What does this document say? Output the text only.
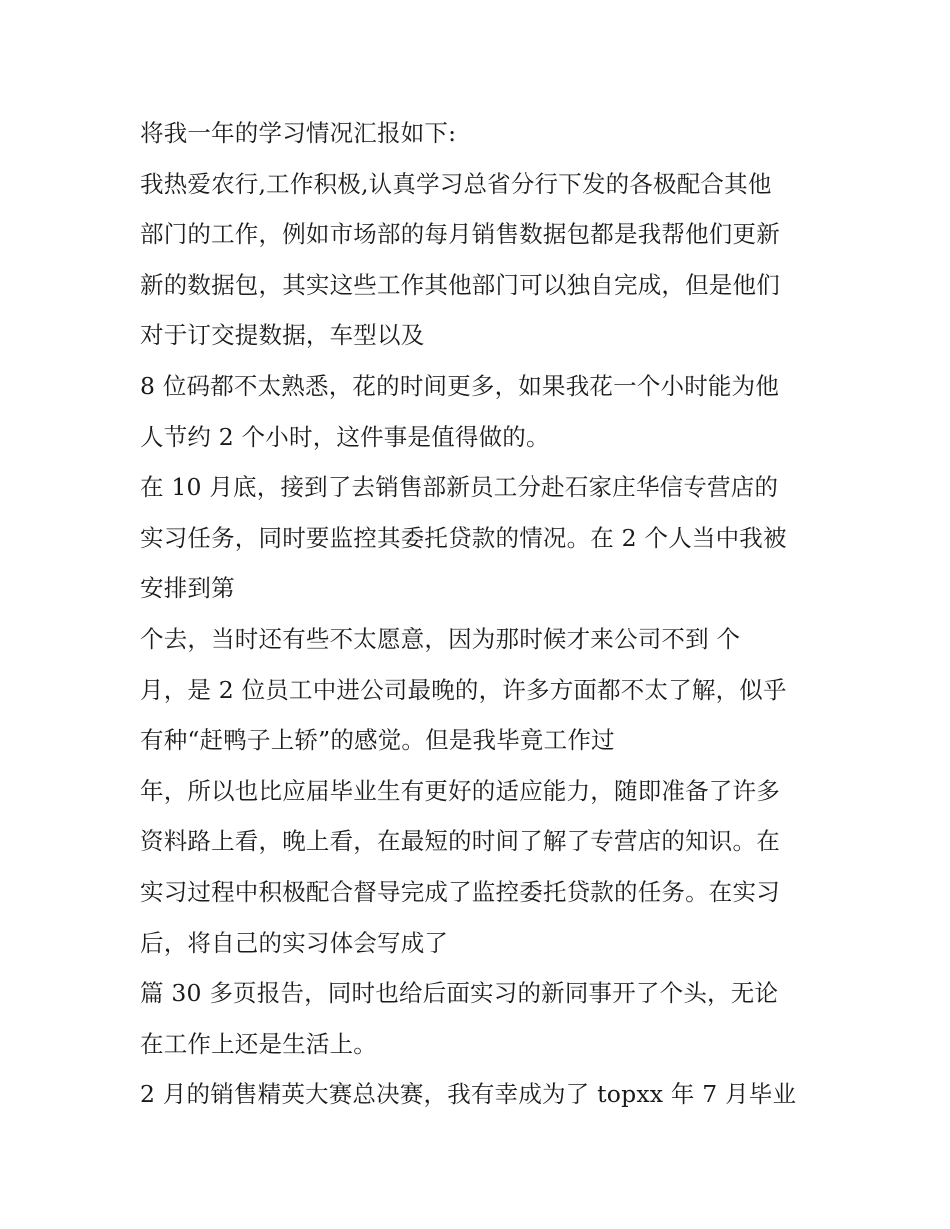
将我一年的学习情况汇报如下:
我热爱农行,工作积极,认真学习总省分行下发的各极配合其他
部门的工作，例如市场部的每月销售数据包都是我帮他们更新
新的数据包，其实这些工作其他部门可以独自完成，但是他们
对于订交提数据，车型以及
8 位码都不太熟悉，花的时间更多，如果我花一个小时能为他
人节约 2 个小时，这件事是值得做的。
在 10 月底，接到了去销售部新员工分赴石家庄华信专营店的
实习任务，同时要监控其委托贷款的情况。在 2 个人当中我被
安排到第
个去，当时还有些不太愿意，因为那时候才来公司不到 个
月，是 2 位员工中进公司最晚的，许多方面都不太了解，似乎
有种“赶鸭子上轿”的感觉。但是我毕竟工作过
年，所以也比应届毕业生有更好的适应能力，随即准备了许多
资料路上看，晚上看，在最短的时间了解了专营店的知识。在
实习过程中积极配合督导完成了监控委托贷款的任务。在实习
后，将自己的实习体会写成了
篇 30 多页报告，同时也给后面实习的新同事开了个头，无论
在工作上还是生活上。
2 月的销售精英大赛总决赛，我有幸成为了 topxx 年 7 月毕业
